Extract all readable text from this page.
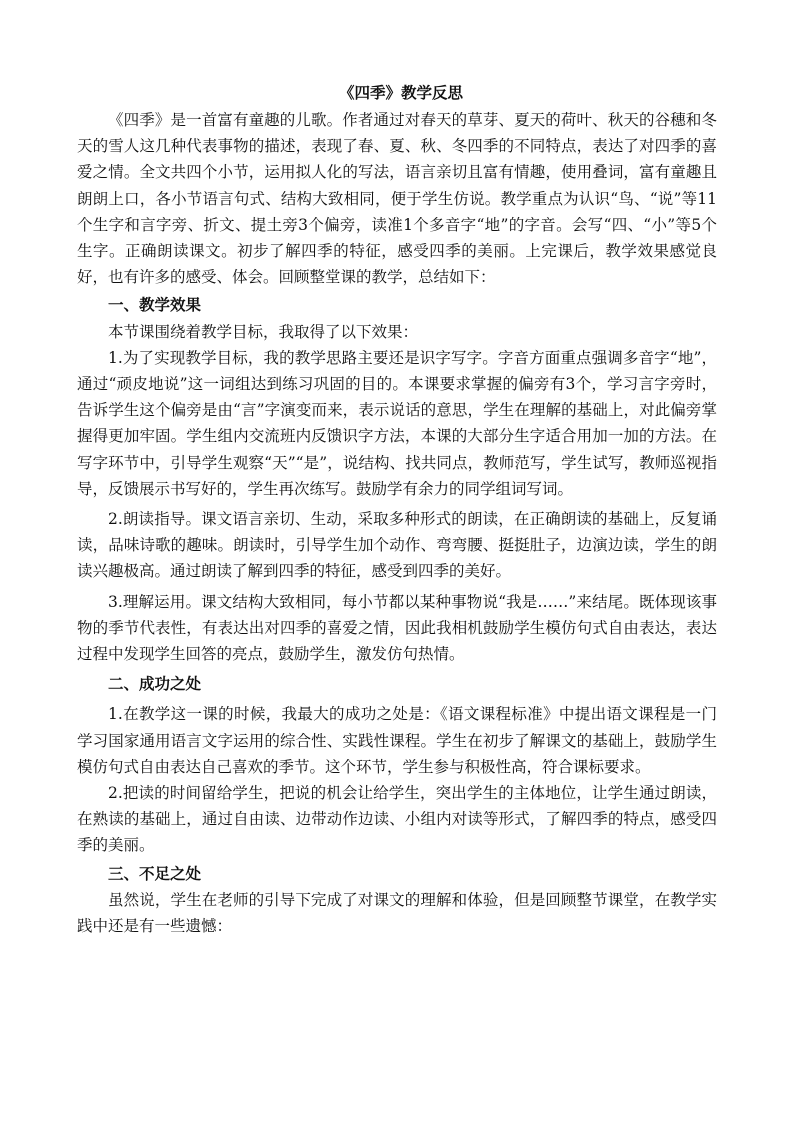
《四季》教学反思

《四季》是一首富有童趣的儿歌。作者通过对春天的草芽、夏天的荷叶、秋天的谷穗和冬天的雪人这几种代表事物的描述，表现了春、夏、秋、冬四季的不同特点，表达了对四季的喜爱之情。全文共四个小节，运用拟人化的写法，语言亲切且富有情趣，使用叠词，富有童趣且朗朗上口，各小节语言句式、结构大致相同，便于学生仿说。教学重点为认识“鸟、“说”等11个生字和言字旁、折文、提土旁3个偏旁，读准1个多音字“地”的字音。会写“四、“小”等5个生字。正确朗读课文。初步了解四季的特征，感受四季的美丽。上完课后，教学效果感觉良好，也有许多的感受、体会。回顾整堂课的教学，总结如下：

一、教学效果

本节课围绕着教学目标，我取得了以下效果：

1.为了实现教学目标，我的教学思路主要还是识字写字。字音方面重点强调多音字“地”，通过“顽皮地说”这一词组达到练习巩固的目的。本课要求掌握的偏旁有3个，学习言字旁时，告诉学生这个偏旁是由“言”字演变而来，表示说话的意思，学生在理解的基础上，对此偏旁掌握得更加牢固。学生组内交流班内反馈识字方法，本课的大部分生字适合用加一加的方法。在写字环节中，引导学生观察“天”“是”，说结构、找共同点，教师范写，学生试写，教师巡视指导，反馈展示书写好的，学生再次练写。鼓励学有余力的同学组词写词。

2.朗读指导。课文语言亲切、生动，采取多种形式的朗读，在正确朗读的基础上，反复诵读，品味诗歌的趣味。朗读时，引导学生加个动作、弯弯腰、挺挺肚子，边演边读，学生的朗读兴趣极高。通过朗读了解到四季的特征，感受到四季的美好。

3.理解运用。课文结构大致相同，每小节都以某种事物说“我是……”来结尾。既体现该事物的季节代表性，有表达出对四季的喜爱之情，因此我相机鼓励学生模仿句式自由表达，表达过程中发现学生回答的亮点，鼓励学生，激发仿句热情。

二、成功之处

1.在教学这一课的时候，我最大的成功之处是：《语文课程标准》中提出语文课程是一门学习国家通用语言文字运用的综合性、实践性课程。学生在初步了解课文的基础上，鼓励学生模仿句式自由表达自己喜欢的季节。这个环节，学生参与积极性高，符合课标要求。

2.把读的时间留给学生，把说的机会让给学生，突出学生的主体地位，让学生通过朗读，在熟读的基础上，通过自由读、边带动作边读、小组内对读等形式，了解四季的特点，感受四季的美丽。

三、不足之处

虽然说，学生在老师的引导下完成了对课文的理解和体验，但是回顾整节课堂，在教学实践中还是有一些遗憾：
